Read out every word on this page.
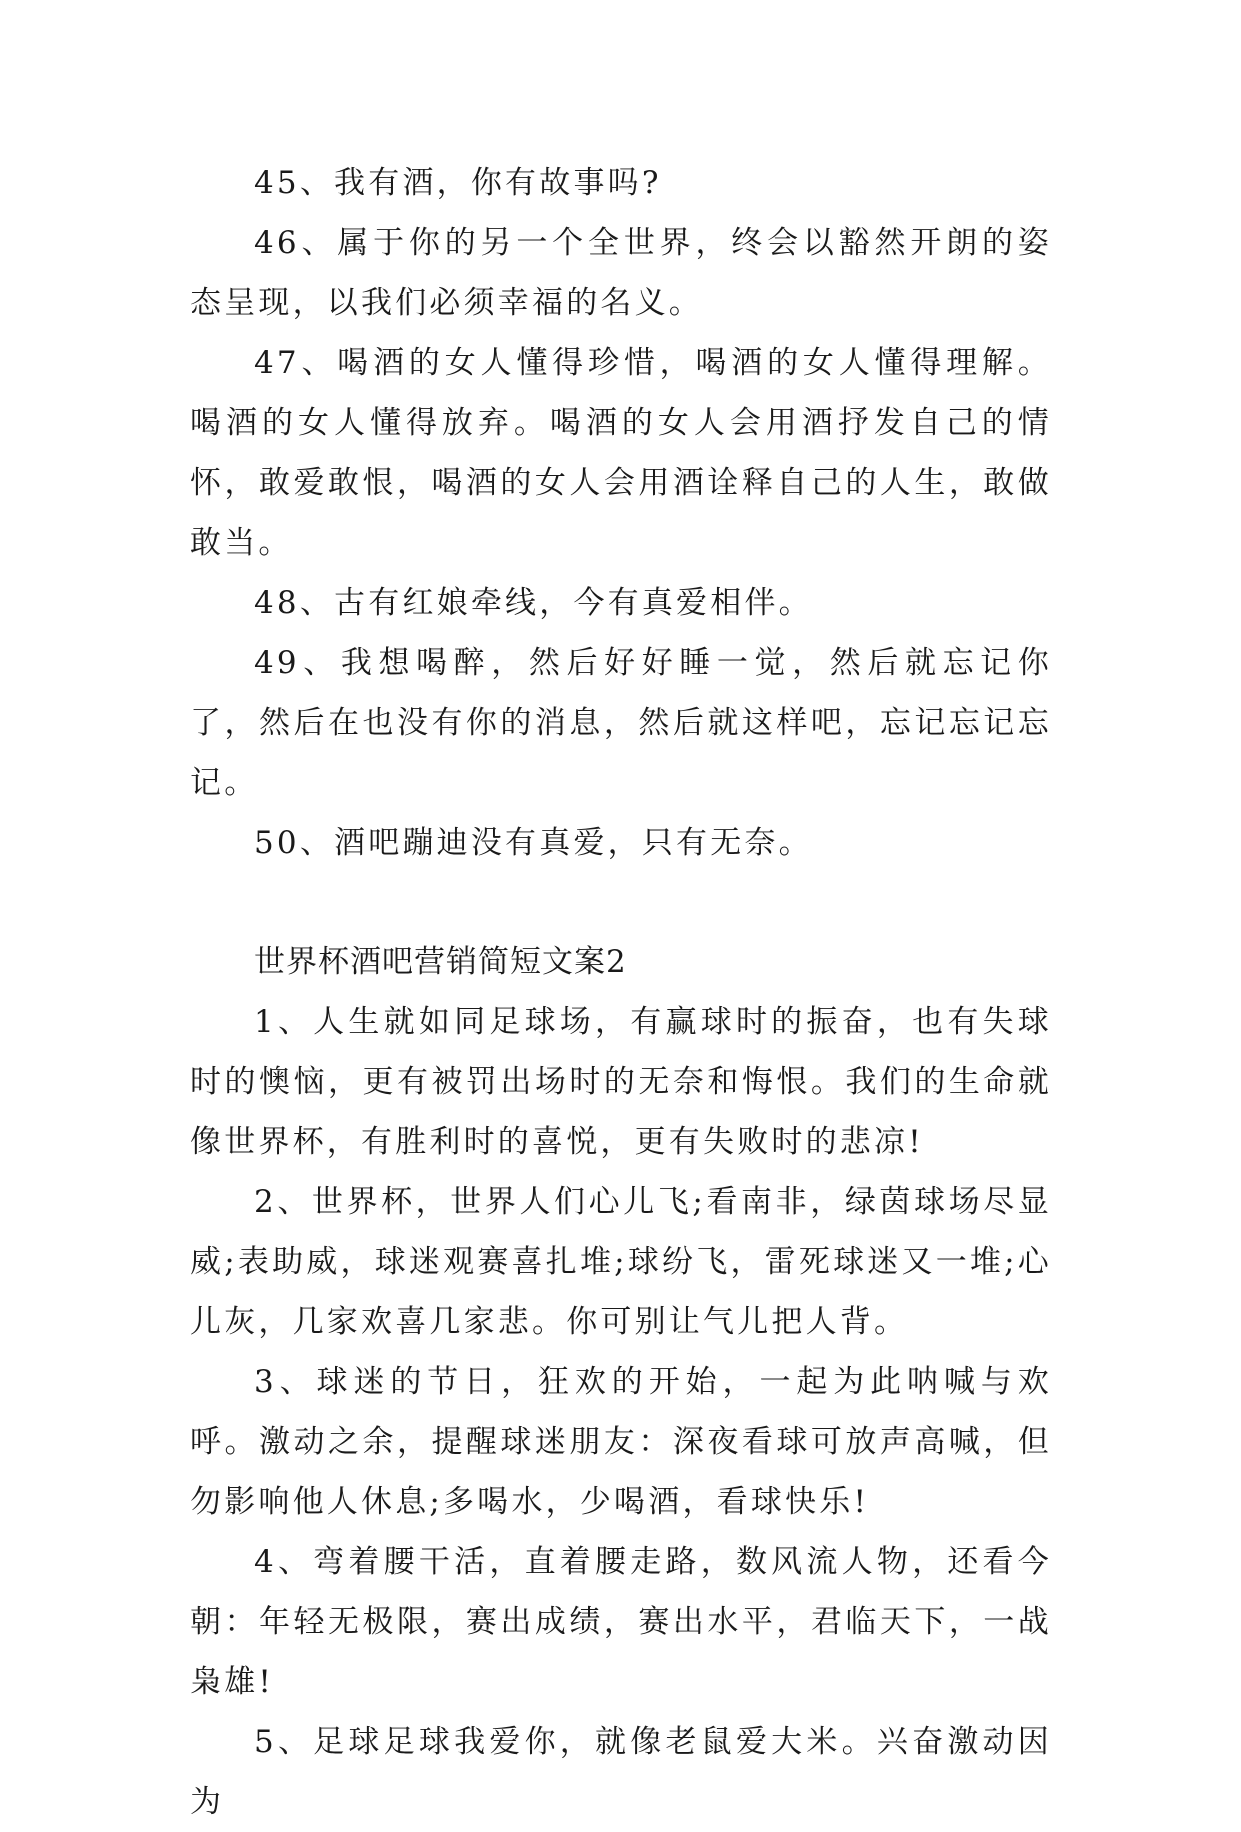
45、我有酒，你有故事吗?

46、属于你的另一个全世界，终会以豁然开朗的姿态呈现，以我们必须幸福的名义。

47、喝酒的女人懂得珍惜，喝酒的女人懂得理解。喝酒的女人懂得放弃。喝酒的女人会用酒抒发自己的情怀，敢爱敢恨，喝酒的女人会用酒诠释自己的人生，敢做敢当。

48、古有红娘牵线，今有真爱相伴。

49、我想喝醉，然后好好睡一觉，然后就忘记你了，然后在也没有你的消息，然后就这样吧，忘记忘记忘记。

50、酒吧蹦迪没有真爱，只有无奈。

世界杯酒吧营销简短文案2

1、人生就如同足球场，有赢球时的振奋，也有失球时的懊恼，更有被罚出场时的无奈和悔恨。我们的生命就像世界杯，有胜利时的喜悦，更有失败时的悲凉!

2、世界杯，世界人们心儿飞;看南非，绿茵球场尽显威;表助威，球迷观赛喜扎堆;球纷飞，雷死球迷又一堆;心儿灰，几家欢喜几家悲。你可别让气儿把人背。

3、球迷的节日，狂欢的开始，一起为此呐喊与欢呼。激动之余，提醒球迷朋友：深夜看球可放声高喊，但勿影响他人休息;多喝水，少喝酒，看球快乐!

4、弯着腰干活，直着腰走路，数风流人物，还看今朝：年轻无极限，赛出成绩，赛出水平，君临天下，一战枭雄!

5、足球足球我爱你，就像老鼠爱大米。兴奋激动因为
